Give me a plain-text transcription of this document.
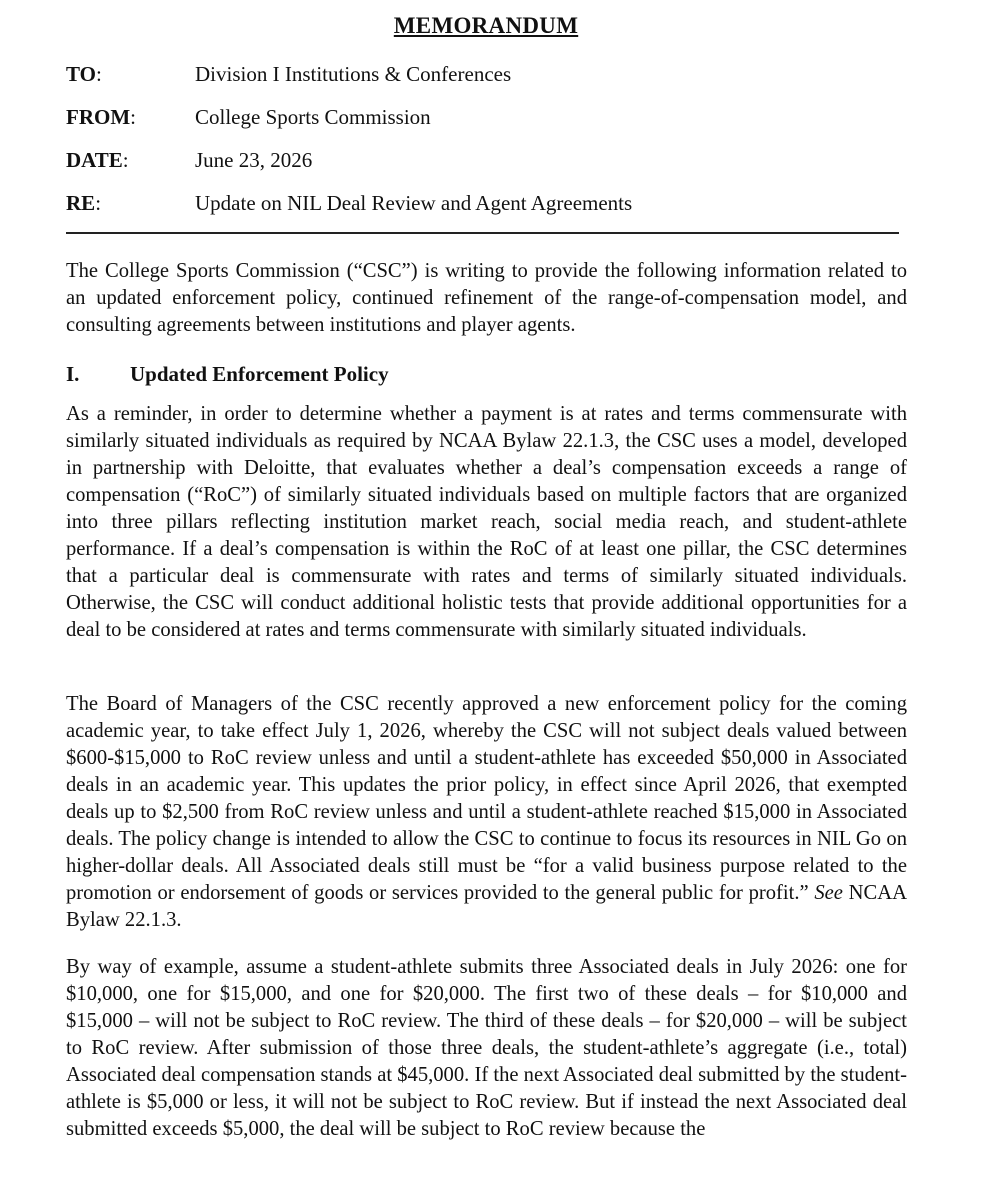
MEMORANDUM
TO:	Division I Institutions & Conferences
FROM:	College Sports Commission
DATE:	June 23, 2026
RE:	Update on NIL Deal Review and Agent Agreements

The College Sports Commission (“CSC”) is writing to provide the following information related to an updated enforcement policy, continued refinement of the range-of-compensation model, and consulting agreements between institutions and player agents.

I. Updated Enforcement Policy

As a reminder, in order to determine whether a payment is at rates and terms commensurate with similarly situated individuals as required by NCAA Bylaw 22.1.3, the CSC uses a model, developed in partnership with Deloitte, that evaluates whether a deal’s compensation exceeds a range of compensation (“RoC”) of similarly situated individuals based on multiple factors that are organized into three pillars reflecting institution market reach, social media reach, and student-athlete performance. If a deal’s compensation is within the RoC of at least one pillar, the CSC determines that a particular deal is commensurate with rates and terms of similarly situated individuals. Otherwise, the CSC will conduct additional holistic tests that provide additional opportunities for a deal to be considered at rates and terms commensurate with similarly situated individuals.

The Board of Managers of the CSC recently approved a new enforcement policy for the coming academic year, to take effect July 1, 2026, whereby the CSC will not subject deals valued between $600-$15,000 to RoC review unless and until a student-athlete has exceeded $50,000 in Associated deals in an academic year. This updates the prior policy, in effect since April 2026, that exempted deals up to $2,500 from RoC review unless and until a student-athlete reached $15,000 in Associated deals. The policy change is intended to allow the CSC to continue to focus its resources in NIL Go on higher-dollar deals. All Associated deals still must be “for a valid business purpose related to the promotion or endorsement of goods or services provided to the general public for profit.” See NCAA Bylaw 22.1.3.

By way of example, assume a student-athlete submits three Associated deals in July 2026: one for $10,000, one for $15,000, and one for $20,000. The first two of these deals – for $10,000 and $15,000 – will not be subject to RoC review. The third of these deals – for $20,000 – will be subject to RoC review. After submission of those three deals, the student-athlete’s aggregate (i.e., total) Associated deal compensation stands at $45,000. If the next Associated deal submitted by the student-athlete is $5,000 or less, it will not be subject to RoC review. But if instead the next Associated deal submitted exceeds $5,000, the deal will be subject to RoC review because the
